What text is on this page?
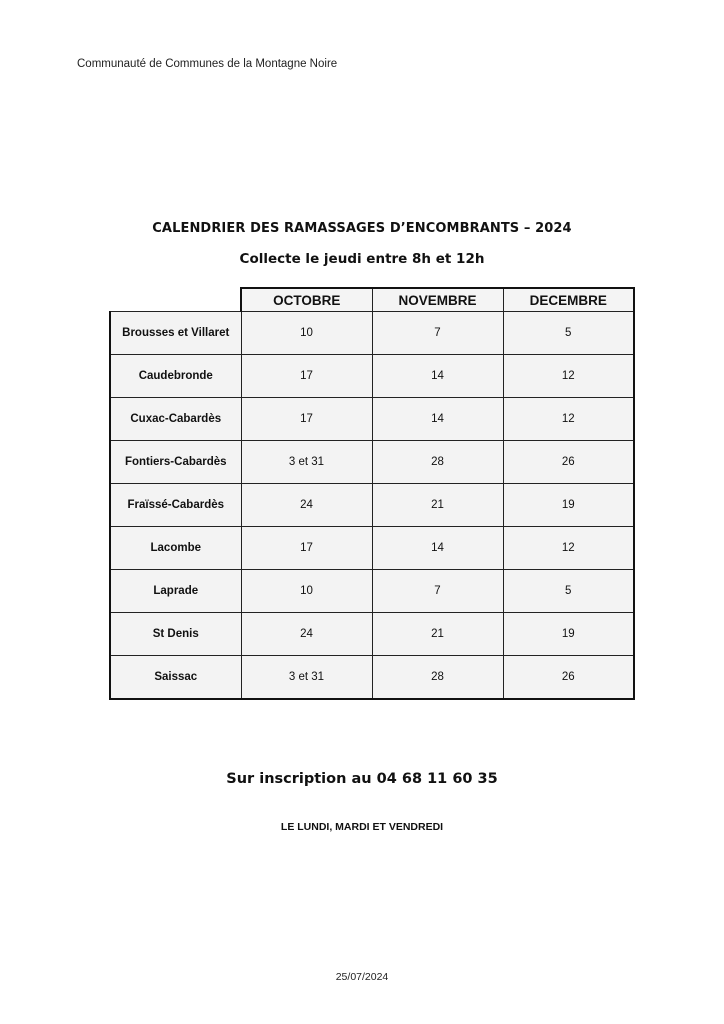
Communauté de Communes de la Montagne Noire
CALENDRIER DES RAMASSAGES D’ENCOMBRANTS – 2024
Collecte le jeudi entre 8h et 12h
	OCTOBRE	NOVEMBRE	DECEMBRE
Brousses et Villaret	10	7	5
Caudebronde	17	14	12
Cuxac-Cabardès	17	14	12
Fontiers-Cabardès	3 et 31	28	26
Fraïssé-Cabardès	24	21	19
Lacombe	17	14	12
Laprade	10	7	5
St Denis	24	21	19
Saissac	3 et 31	28	26
Sur inscription au 04 68 11 60 35
LE LUNDI, MARDI ET VENDREDI
25/07/2024
